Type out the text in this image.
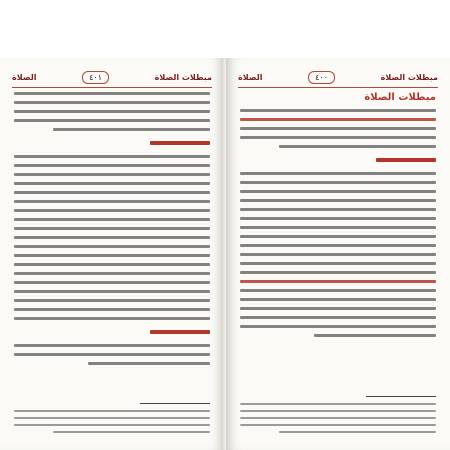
مبطلات الصلاة
٤٠١
الصلاة	مبطلات الصلاة
٤٠٠
الصلاة
مبطلات الصلاة
